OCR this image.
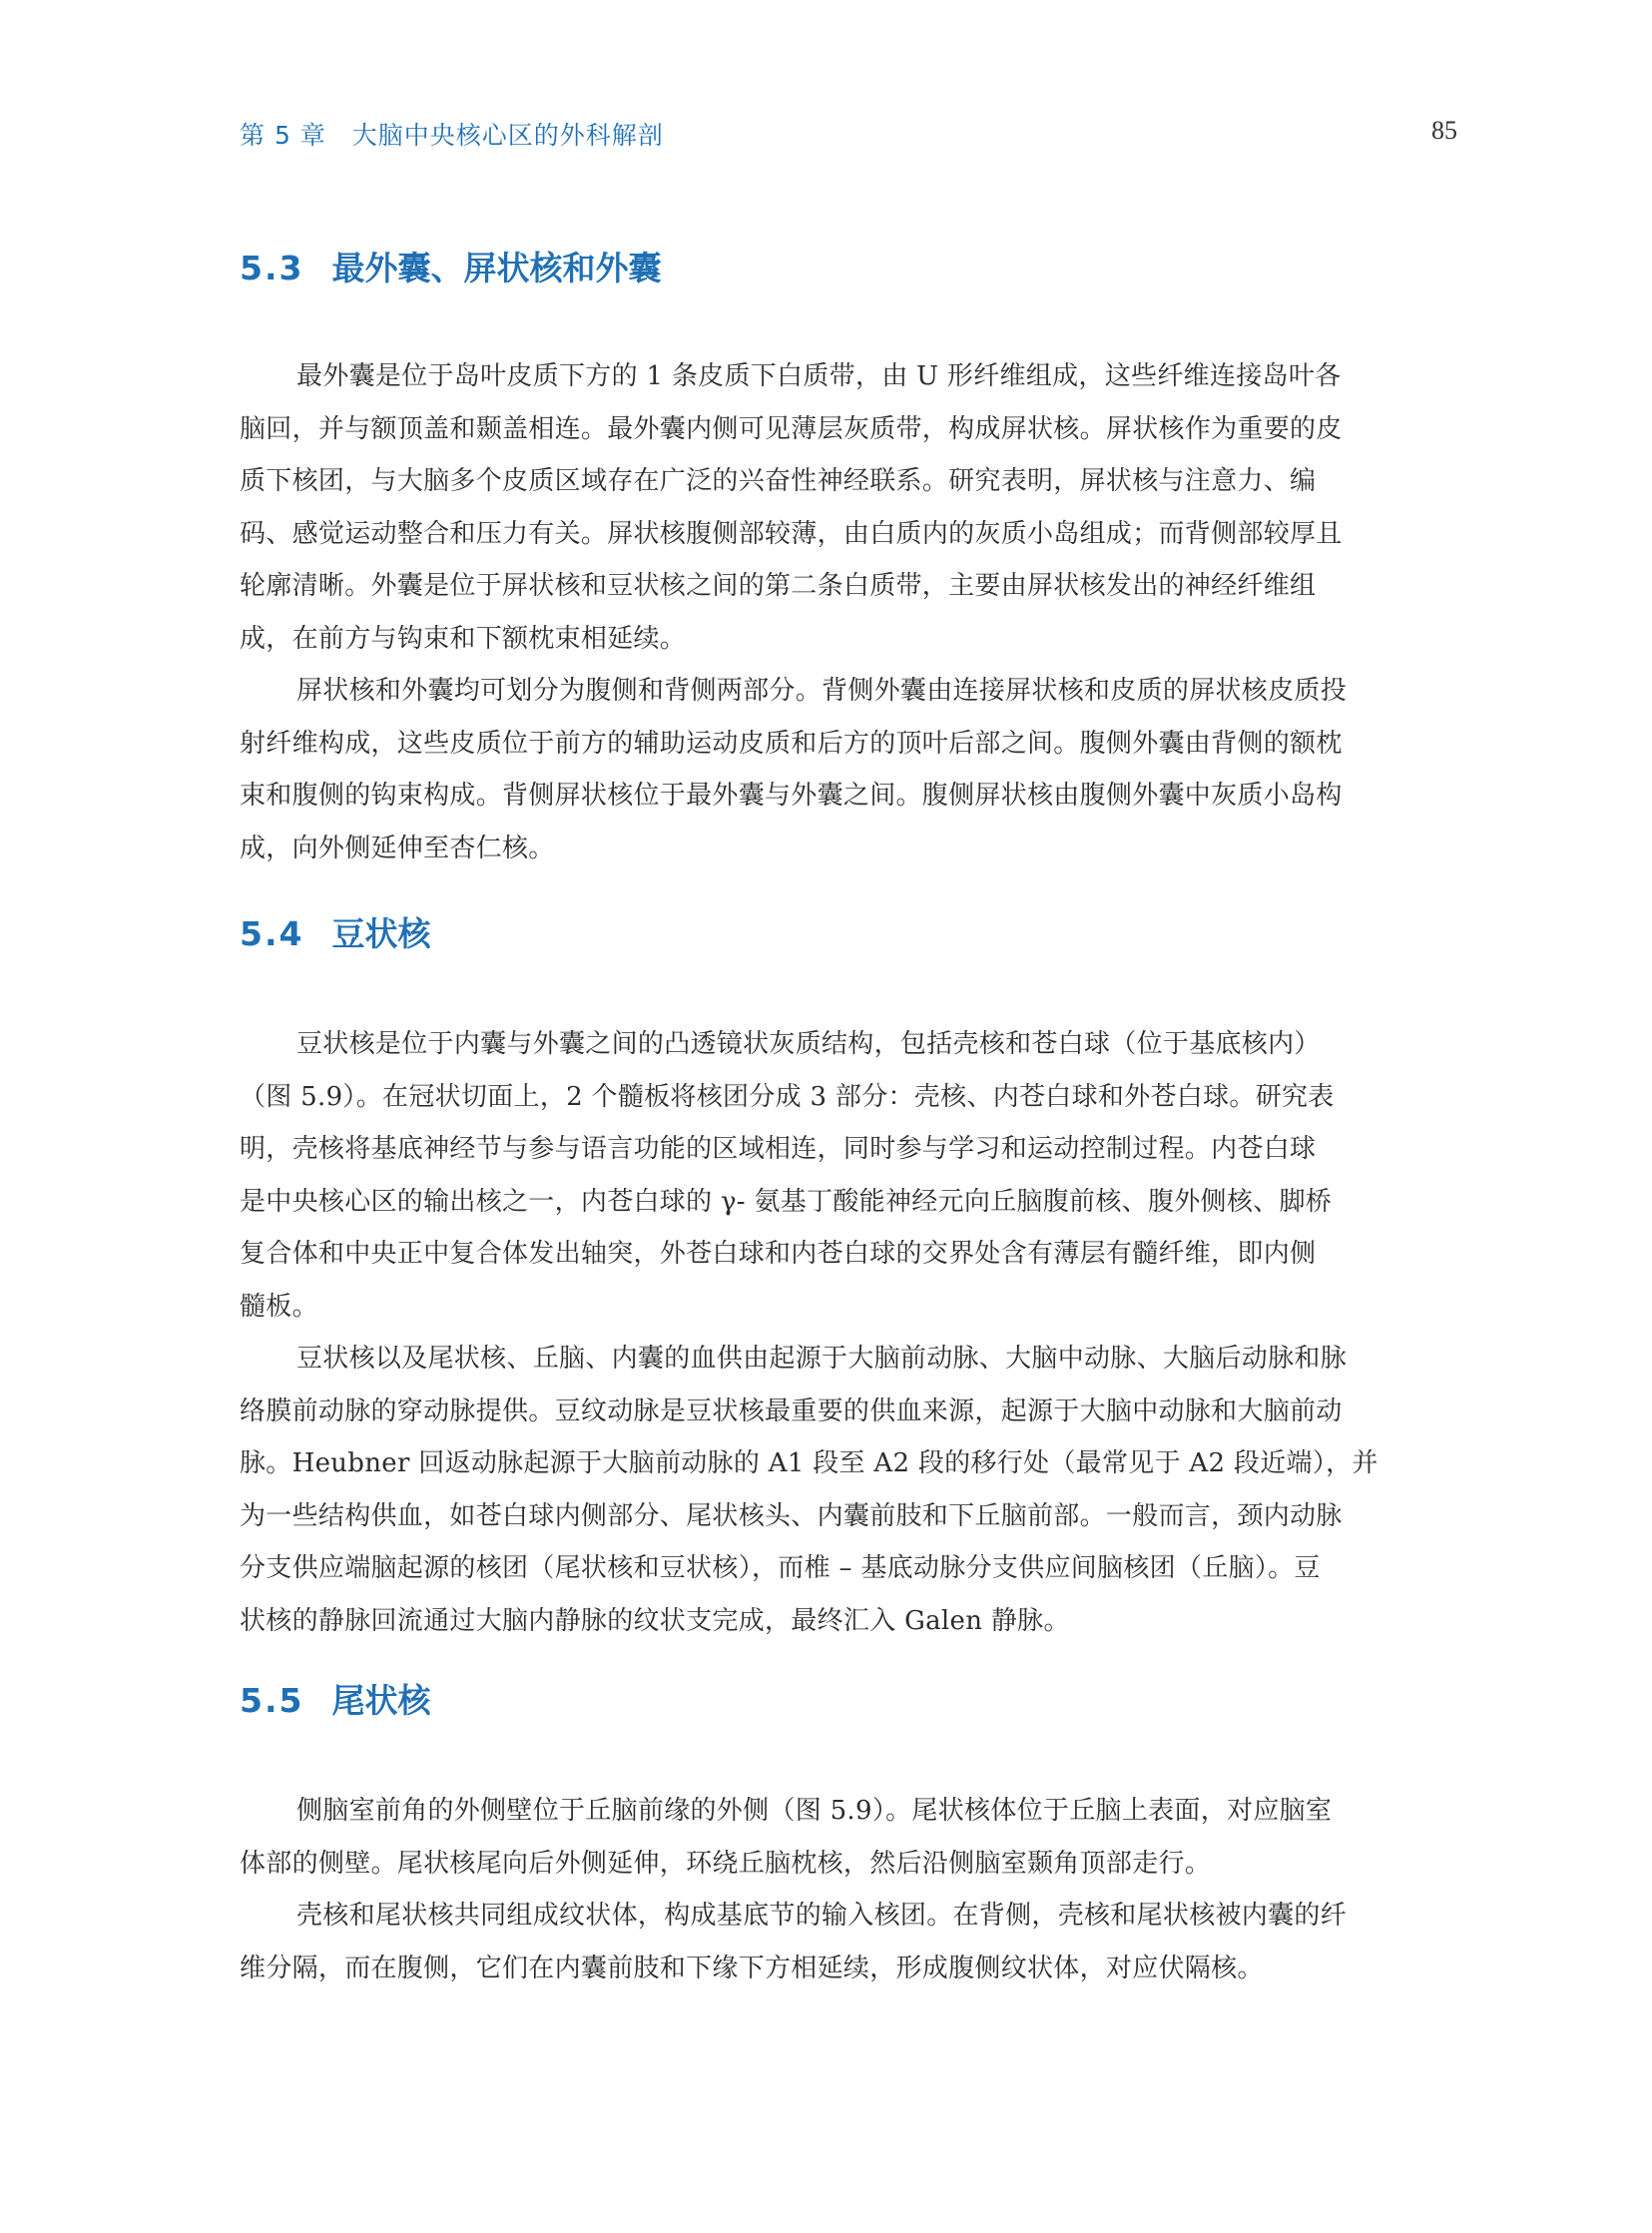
第 5 章　大脑中央核心区的外科解剖	85
5.3 最外囊、屏状核和外囊

最外囊是位于岛叶皮质下方的 1 条皮质下白质带，由 U 形纤维组成，这些纤维连接岛叶各
脑回，并与额顶盖和颞盖相连。最外囊内侧可见薄层灰质带，构成屏状核。屏状核作为重要的皮
质下核团，与大脑多个皮质区域存在广泛的兴奋性神经联系。研究表明，屏状核与注意力、编
码、感觉运动整合和压力有关。屏状核腹侧部较薄，由白质内的灰质小岛组成；而背侧部较厚且
轮廓清晰。外囊是位于屏状核和豆状核之间的第二条白质带，主要由屏状核发出的神经纤维组
成，在前方与钩束和下额枕束相延续。

屏状核和外囊均可划分为腹侧和背侧两部分。背侧外囊由连接屏状核和皮质的屏状核皮质投
射纤维构成，这些皮质位于前方的辅助运动皮质和后方的顶叶后部之间。腹侧外囊由背侧的额枕
束和腹侧的钩束构成。背侧屏状核位于最外囊与外囊之间。腹侧屏状核由腹侧外囊中灰质小岛构
成，向外侧延伸至杏仁核。

5.4 豆状核

豆状核是位于内囊与外囊之间的凸透镜状灰质结构，包括壳核和苍白球（位于基底核内）
（图 5.9）。在冠状切面上，2 个髓板将核团分成 3 部分：壳核、内苍白球和外苍白球。研究表
明，壳核将基底神经节与参与语言功能的区域相连，同时参与学习和运动控制过程。内苍白球
是中央核心区的输出核之一，内苍白球的 γ- 氨基丁酸能神经元向丘脑腹前核、腹外侧核、脚桥
复合体和中央正中复合体发出轴突，外苍白球和内苍白球的交界处含有薄层有髓纤维，即内侧
髓板。

豆状核以及尾状核、丘脑、内囊的血供由起源于大脑前动脉、大脑中动脉、大脑后动脉和脉
络膜前动脉的穿动脉提供。豆纹动脉是豆状核最重要的供血来源，起源于大脑中动脉和大脑前动
脉。Heubner 回返动脉起源于大脑前动脉的 A1 段至 A2 段的移行处（最常见于 A2 段近端），并
为一些结构供血，如苍白球内侧部分、尾状核头、内囊前肢和下丘脑前部。一般而言，颈内动脉
分支供应端脑起源的核团（尾状核和豆状核），而椎 – 基底动脉分支供应间脑核团（丘脑）。豆
状核的静脉回流通过大脑内静脉的纹状支完成，最终汇入 Galen 静脉。

5.5 尾状核

侧脑室前角的外侧壁位于丘脑前缘的外侧（图 5.9）。尾状核体位于丘脑上表面，对应脑室
体部的侧壁。尾状核尾向后外侧延伸，环绕丘脑枕核，然后沿侧脑室颞角顶部走行。

壳核和尾状核共同组成纹状体，构成基底节的输入核团。在背侧，壳核和尾状核被内囊的纤
维分隔，而在腹侧，它们在内囊前肢和下缘下方相延续，形成腹侧纹状体，对应伏隔核。
